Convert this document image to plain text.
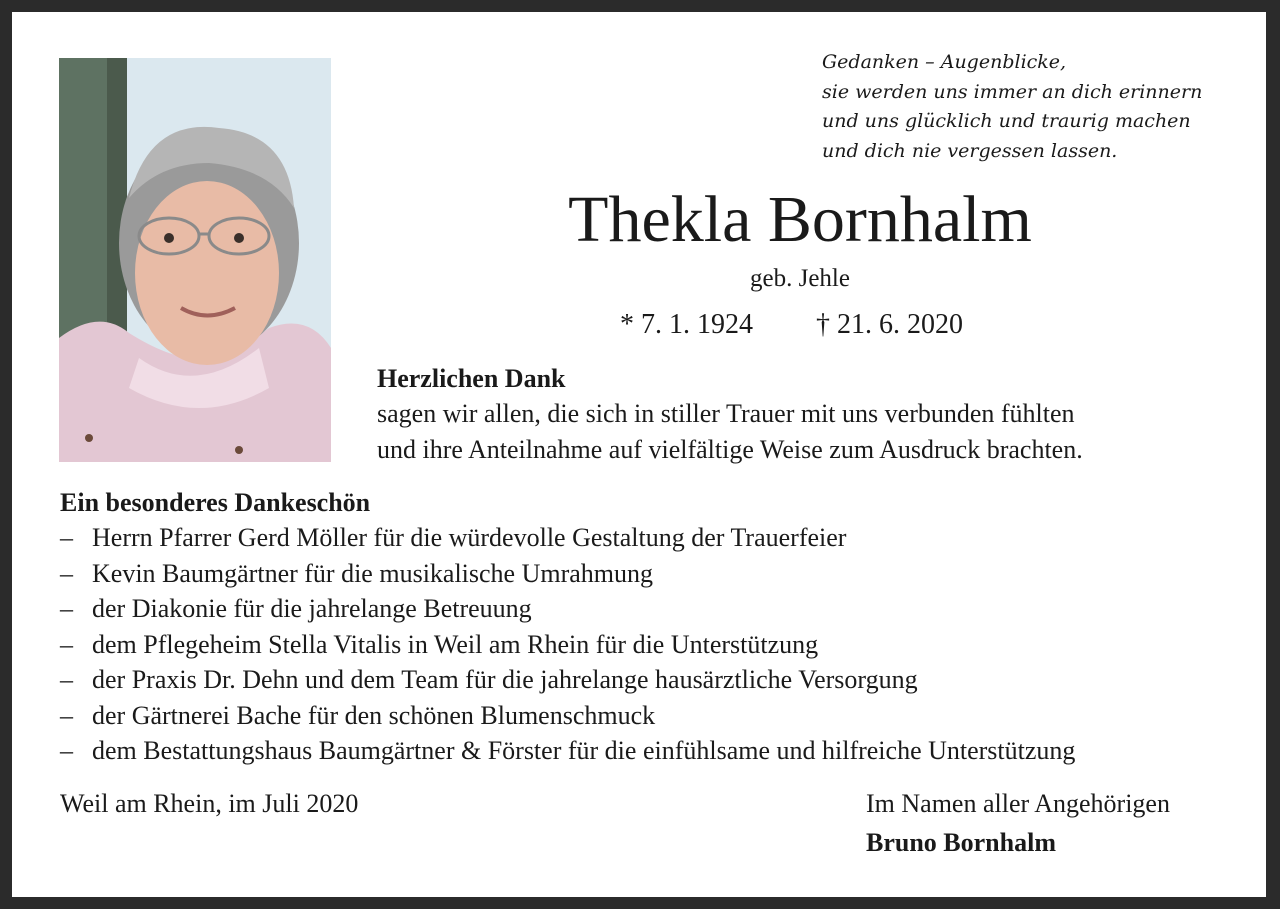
Gedanken – Augenblicke,
sie werden uns immer an dich erinnern
und uns glücklich und traurig machen
und dich nie vergessen lassen.
Thekla Bornhalm
geb. Jehle
* 7. 1. 1924 † 21. 6. 2020
Herzlichen Dank
sagen wir allen, die sich in stiller Trauer mit uns verbunden fühlten
und ihre Anteilnahme auf vielfältige Weise zum Ausdruck brachten.
Ein besonderes Dankeschön
– Herrn Pfarrer Gerd Möller für die würdevolle Gestaltung der Trauerfeier
– Kevin Baumgärtner für die musikalische Umrahmung
– der Diakonie für die jahrelange Betreuung
– dem Pflegeheim Stella Vitalis in Weil am Rhein für die Unterstützung
– der Praxis Dr. Dehn und dem Team für die jahrelange hausärztliche Versorgung
– der Gärtnerei Bache für den schönen Blumenschmuck
– dem Bestattungshaus Baumgärtner & Förster für die einfühlsame und hilfreiche Unterstützung
Weil am Rhein, im Juli 2020	Im Namen aller Angehörigen
Bruno Bornhalm
